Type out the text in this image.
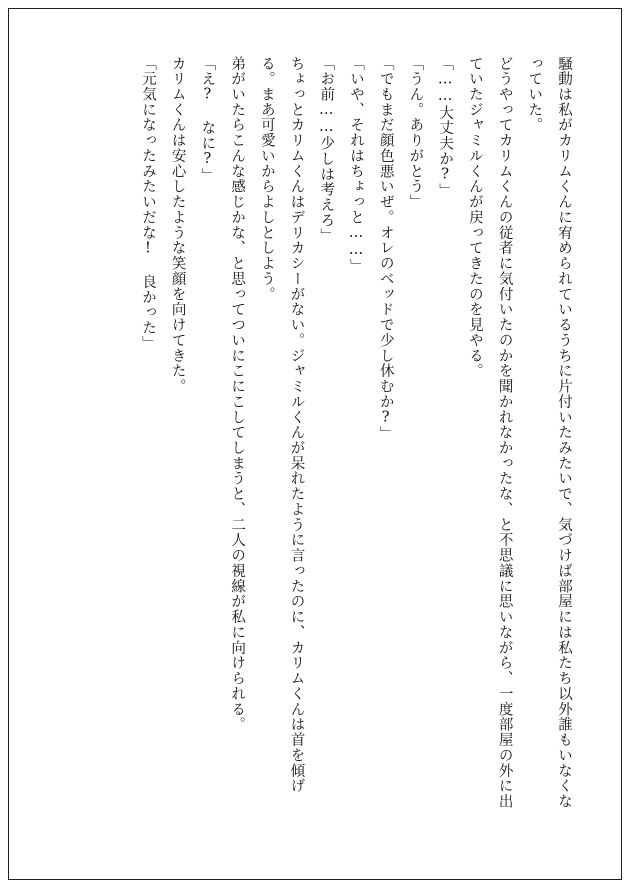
騒動は私がカリムくんに宥められているうちに片付いたみたいで、気づけば部屋には私たち以外誰もいなくなっていた。

どうやってカリムくんの従者に気付いたのかを聞かれなかったな、と不思議に思いながら、一度部屋の外に出ていたジャミルくんが戻ってきたのを見やる。

「……大丈夫か?」

「うん。ありがとう」

「でもまだ顔色悪いぜ。オレのベッドで少し休むか?」

「いや、それはちょっと……」

「お前……少しは考えろ」

ちょっとカリムくんはデリカシーがない。ジャミルくんが呆れたように言ったのに、カリムくんは首を傾げる。まあ可愛いからよしとしよう。

弟がいたらこんな感じかな、と思ってついにこにこしてしまうと、二人の視線が私に向けられる。

「え? なに?」

カリムくんは安心したような笑顔を向けてきた。

「元気になったみたいだな! 良かった」
